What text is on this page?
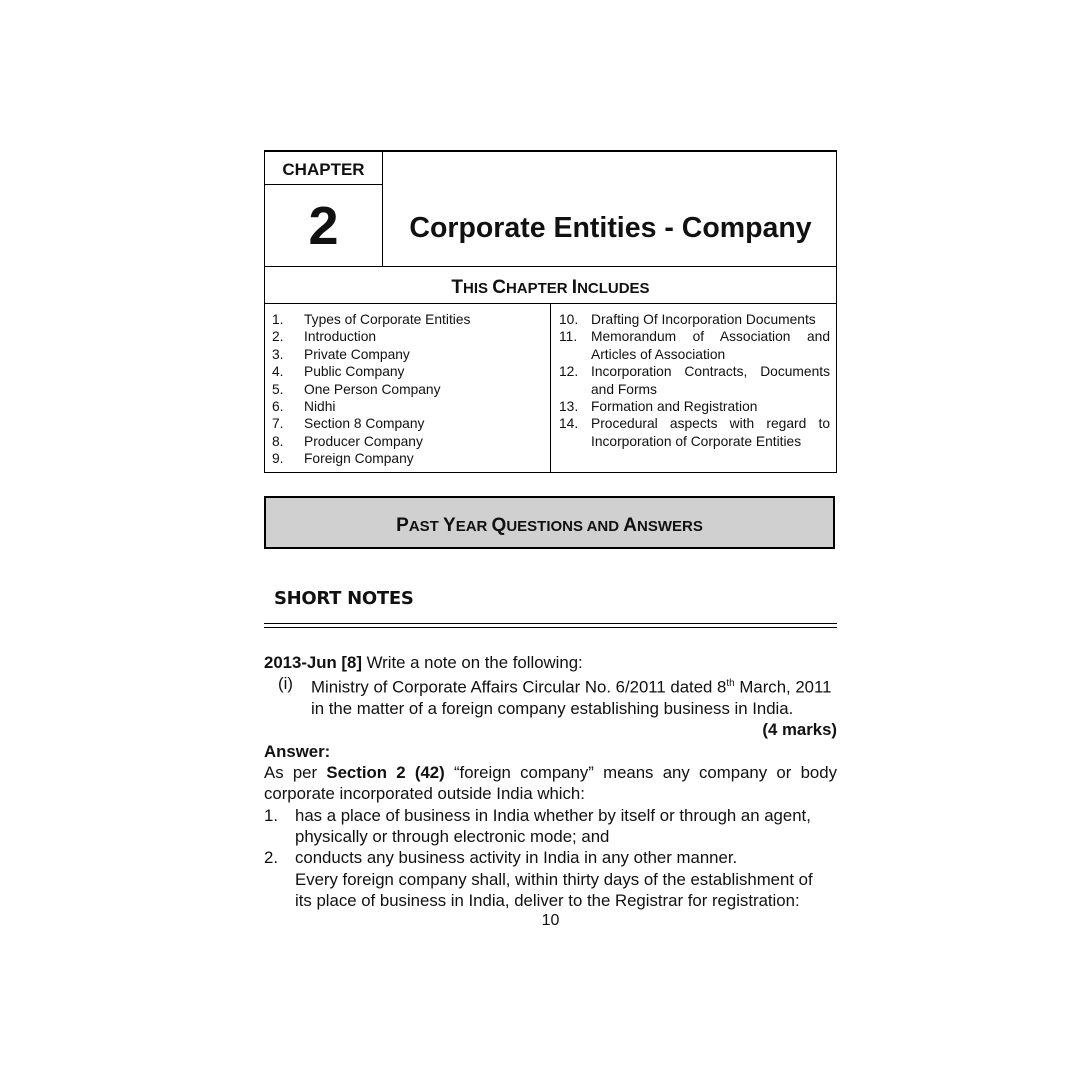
CHAPTER
2	Corporate Entities - Company
THIS CHAPTER INCLUDES
1.	Types of Corporate Entities
2.	Introduction
3.	Private Company
4.	Public Company
5.	One Person Company
6.	Nidhi
7.	Section 8 Company
8.	Producer Company
9.	Foreign Company
10. Drafting Of Incorporation Documents
11.	Memorandum of Association and Articles of Association
12. Incorporation Contracts, Documents and Forms
13. Formation and Registration
14. Procedural aspects with regard to Incorporation of Corporate Entities
PAST YEAR QUESTIONS AND ANSWERS
SHORT NOTES
2013-Jun [8] Write a note on the following:
(i)	Ministry of Corporate Affairs Circular No. 6/2011 dated 8th March, 2011
in the matter of a foreign company establishing business in India.
(4 marks)
Answer:
As per Section 2 (42) “foreign company” means any company or body
corporate incorporated outside India which:
1.	has a place of business in India whether by itself or through an agent,
physically or through electronic mode; and
2.	conducts any business activity in India in any other manner.
Every foreign company shall, within thirty days of the establishment of
its place of business in India, deliver to the Registrar for registration:
10
